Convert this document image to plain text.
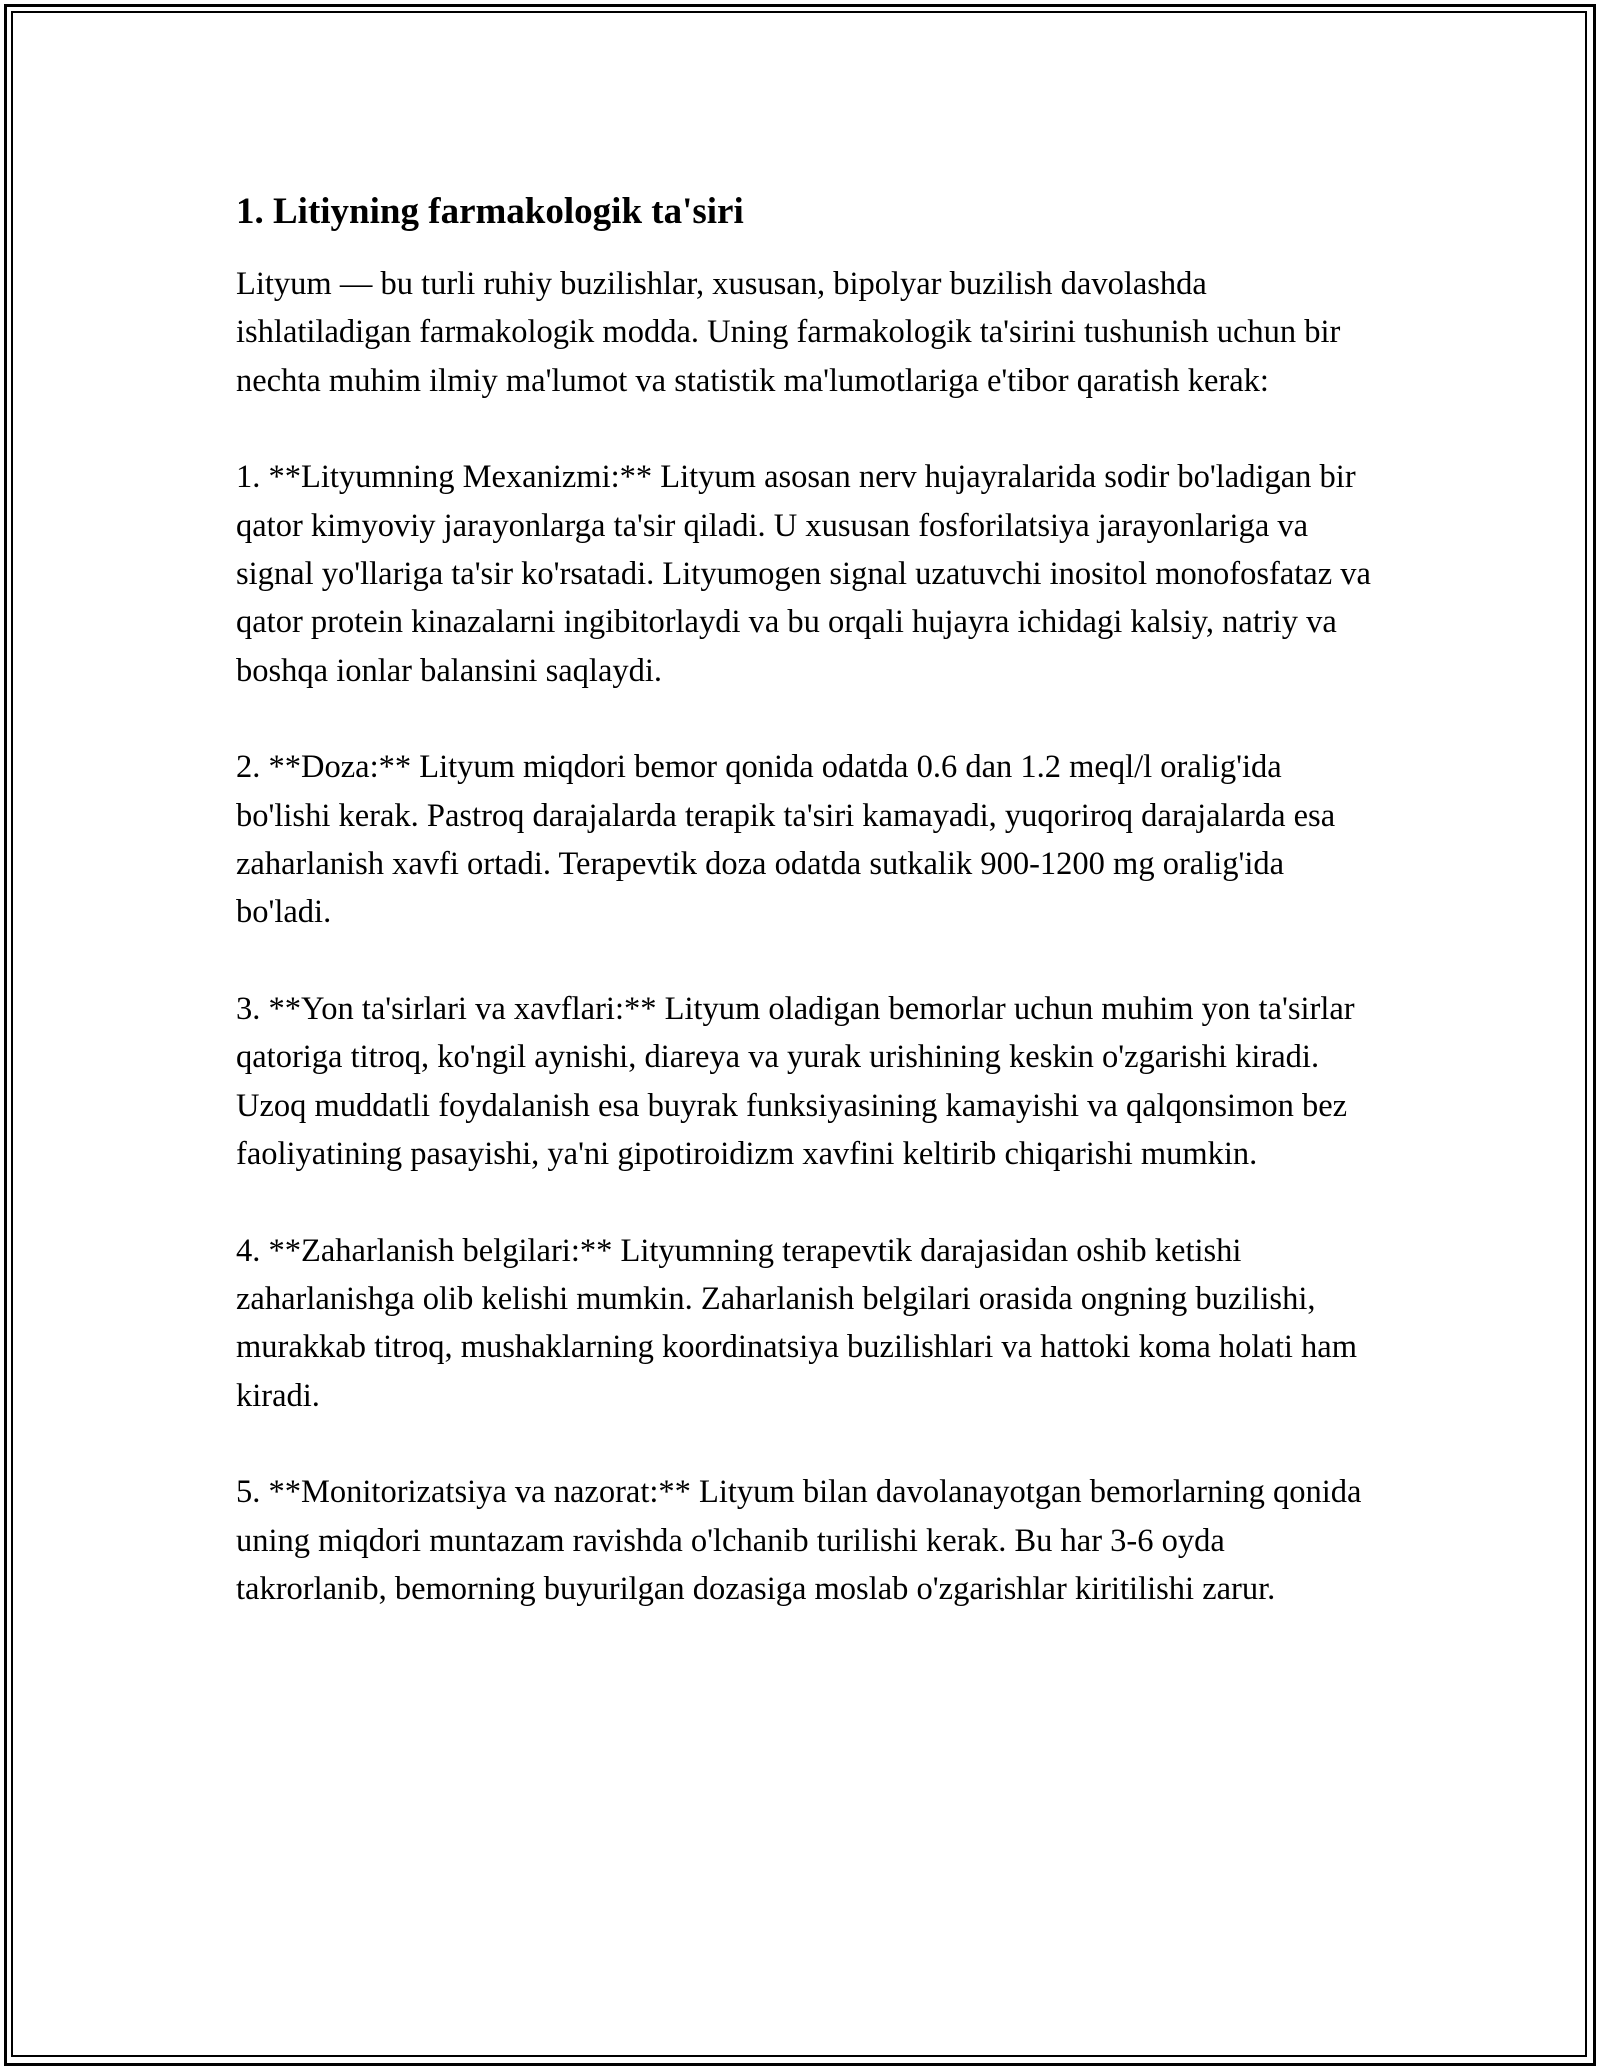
1. Litiyning farmakologik ta'siri

Lityum — bu turli ruhiy buzilishlar, xususan, bipolyar buzilish davolashda ishlatiladigan farmakologik modda. Uning farmakologik ta'sirini tushunish uchun bir nechta muhim ilmiy ma'lumot va statistik ma'lumotlariga e'tibor qaratish kerak:

1. **Lityumning Mexanizmi:** Lityum asosan nerv hujayralarida sodir bo'ladigan bir qator kimyoviy jarayonlarga ta'sir qiladi. U xususan fosforilatsiya jarayonlariga va signal yo'llariga ta'sir ko'rsatadi. Lityumogen signal uzatuvchi inositol monofosfataz va qator protein kinazalarni ingibitorlaydi va bu orqali hujayra ichidagi kalsiy, natriy va boshqa ionlar balansini saqlaydi.

2. **Doza:** Lityum miqdori bemor qonida odatda 0.6 dan 1.2 meql/l oralig'ida bo'lishi kerak. Pastroq darajalarda terapik ta'siri kamayadi, yuqoriroq darajalarda esa zaharlanish xavfi ortadi. Terapevtik doza odatda sutkalik 900-1200 mg oralig'ida bo'ladi.

3. **Yon ta'sirlari va xavflari:** Lityum oladigan bemorlar uchun muhim yon ta'sirlar qatoriga titroq, ko'ngil aynishi, diareya va yurak urishining keskin o'zgarishi kiradi. Uzoq muddatli foydalanish esa buyrak funksiyasining kamayishi va qalqonsimon bez faoliyatining pasayishi, ya'ni gipotiroidizm xavfini keltirib chiqarishi mumkin.

4. **Zaharlanish belgilari:** Lityumning terapevtik darajasidan oshib ketishi zaharlanishga olib kelishi mumkin. Zaharlanish belgilari orasida ongning buzilishi, murakkab titroq, mushaklarning koordinatsiya buzilishlari va hattoki koma holati ham kiradi.

5. **Monitorizatsiya va nazorat:** Lityum bilan davolanayotgan bemorlarning qonida uning miqdori muntazam ravishda o'lchanib turilishi kerak. Bu har 3-6 oyda takrorlanib, bemorning buyurilgan dozasiga moslab o'zgarishlar kiritilishi zarur.
